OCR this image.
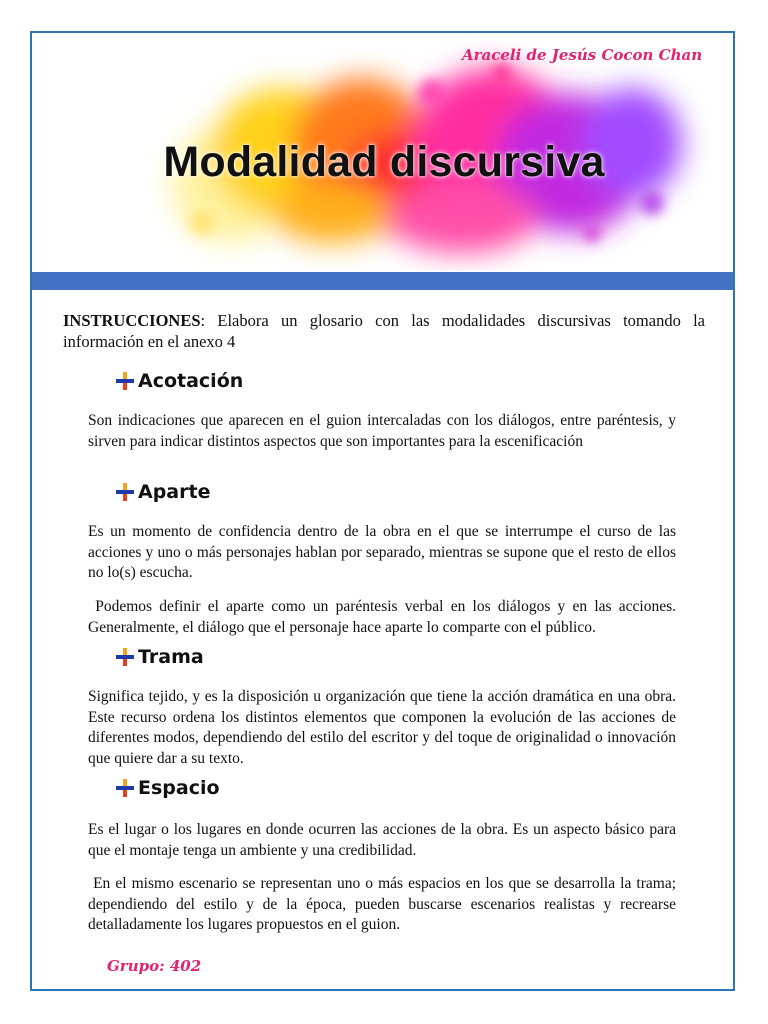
Araceli de Jesús Cocon Chan
Modalidad discursiva
INSTRUCCIONES: Elabora un glosario con las modalidades discursivas tomando la información en el anexo 4
Acotación
Son indicaciones que aparecen en el guion intercaladas con los diálogos, entre paréntesis, y sirven para indicar distintos aspectos que son importantes para la escenificación
Aparte
Es un momento de confidencia dentro de la obra en el que se interrumpe el curso de las acciones y uno o más personajes hablan por separado, mientras se supone que el resto de ellos no lo(s) escucha.
Podemos definir el aparte como un paréntesis verbal en los diálogos y en las acciones. Generalmente, el diálogo que el personaje hace aparte lo comparte con el público.
Trama
Significa tejido, y es la disposición u organización que tiene la acción dramática en una obra. Este recurso ordena los distintos elementos que componen la evolución de las acciones de diferentes modos, dependiendo del estilo del escritor y del toque de originalidad o innovación que quiere dar a su texto.
Espacio
Es el lugar o los lugares en donde ocurren las acciones de la obra. Es un aspecto básico para que el montaje tenga un ambiente y una credibilidad.
En el mismo escenario se representan uno o más espacios en los que se desarrolla la trama; dependiendo del estilo y de la época, pueden buscarse escenarios realistas y recrearse detalladamente los lugares propuestos en el guion.
Grupo: 402
